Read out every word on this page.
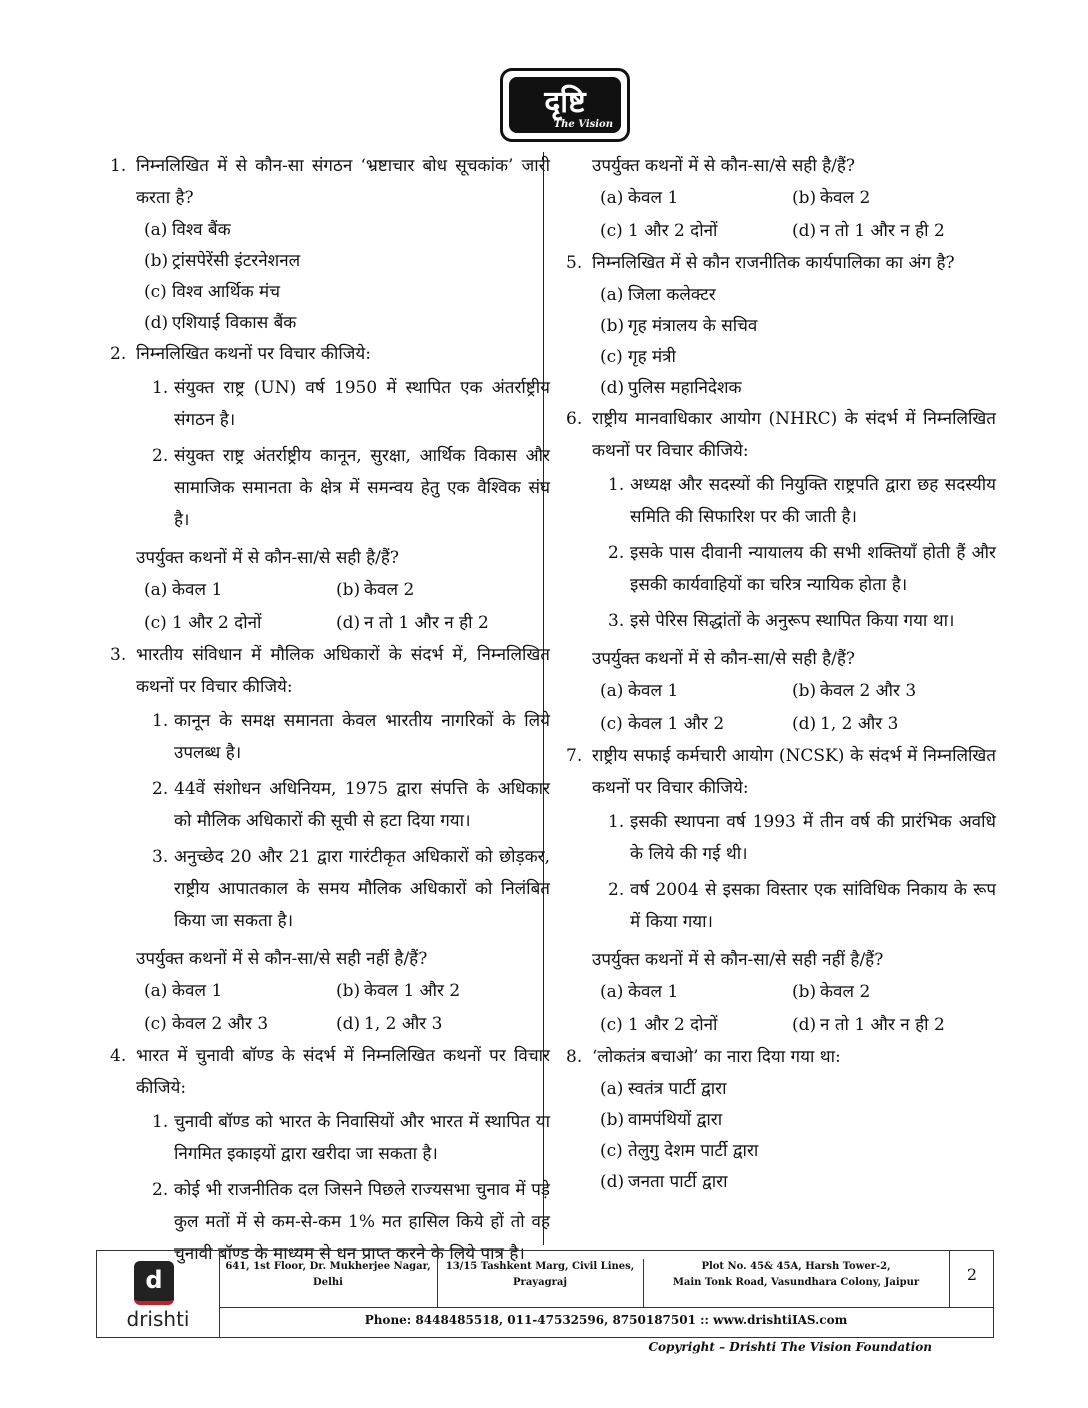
दृष्टि
The Vision
1. निम्नलिखित में से कौन-सा संगठन ‘भ्रष्टाचार बोध सूचकांक’ जारी करता है?
(a) विश्व बैंक
(b) ट्रांसपेरेंसी इंटरनेशनल
(c) विश्व आर्थिक मंच
(d) एशियाई विकास बैंक
2. निम्नलिखित कथनों पर विचार कीजिये:
1. संयुक्त राष्ट्र (UN) वर्ष 1950 में स्थापित एक अंतर्राष्ट्रीय संगठन है।
2. संयुक्त राष्ट्र अंतर्राष्ट्रीय कानून, सुरक्षा, आर्थिक विकास और सामाजिक समानता के क्षेत्र में समन्वय हेतु एक वैश्विक संघ है।
उपर्युक्त कथनों में से कौन-सा/से सही है/हैं?
(a) केवल 1	(b) केवल 2
(c) 1 और 2 दोनों	(d) न तो 1 और न ही 2
3. भारतीय संविधान में मौलिक अधिकारों के संदर्भ में, निम्नलिखित कथनों पर विचार कीजिये:
1. कानून के समक्ष समानता केवल भारतीय नागरिकों के लिये उपलब्ध है।
2. 44वें संशोधन अधिनियम, 1975 द्वारा संपत्ति के अधिकार को मौलिक अधिकारों की सूची से हटा दिया गया।
3. अनुच्छेद 20 और 21 द्वारा गारंटीकृत अधिकारों को छोड़कर, राष्ट्रीय आपातकाल के समय मौलिक अधिकारों को निलंबित किया जा सकता है।
उपर्युक्त कथनों में से कौन-सा/से सही नहीं है/हैं?
(a) केवल 1	(b) केवल 1 और 2
(c) केवल 2 और 3	(d) 1, 2 और 3
4. भारत में चुनावी बॉण्ड के संदर्भ में निम्नलिखित कथनों पर विचार कीजिये:
1. चुनावी बॉण्ड को भारत के निवासियों और भारत में स्थापित या निगमित इकाइयों द्वारा खरीदा जा सकता है।
2. कोई भी राजनीतिक दल जिसने पिछले राज्यसभा चुनाव में पड़े कुल मतों में से कम-से-कम 1% मत हासिल किये हों तो वह चुनावी बॉण्ड के माध्यम से धन प्राप्त करने के लिये पात्र है।
उपर्युक्त कथनों में से कौन-सा/से सही है/हैं?
(a) केवल 1	(b) केवल 2
(c) 1 और 2 दोनों	(d) न तो 1 और न ही 2
5. निम्नलिखित में से कौन राजनीतिक कार्यपालिका का अंग है?
(a) जिला कलेक्टर
(b) गृह मंत्रालय के सचिव
(c) गृह मंत्री
(d) पुलिस महानिदेशक
6. राष्ट्रीय मानवाधिकार आयोग (NHRC) के संदर्भ में निम्नलिखित कथनों पर विचार कीजिये:
1. अध्यक्ष और सदस्यों की नियुक्ति राष्ट्रपति द्वारा छह सदस्यीय समिति की सिफारिश पर की जाती है।
2. इसके पास दीवानी न्यायालय की सभी शक्तियाँ होती हैं और इसकी कार्यवाहियों का चरित्र न्यायिक होता है।
3. इसे पेरिस सिद्धांतों के अनुरूप स्थापित किया गया था।
उपर्युक्त कथनों में से कौन-सा/से सही है/हैं?
(a) केवल 1	(b) केवल 2 और 3
(c) केवल 1 और 2	(d) 1, 2 और 3
7. राष्ट्रीय सफाई कर्मचारी आयोग (NCSK) के संदर्भ में निम्नलिखित कथनों पर विचार कीजिये:
1. इसकी स्थापना वर्ष 1993 में तीन वर्ष की प्रारंभिक अवधि के लिये की गई थी।
2. वर्ष 2004 से इसका विस्तार एक सांविधिक निकाय के रूप में किया गया।
उपर्युक्त कथनों में से कौन-सा/से सही नहीं है/हैं?
(a) केवल 1	(b) केवल 2
(c) 1 और 2 दोनों	(d) न तो 1 और न ही 2
8. ‘लोकतंत्र बचाओ’ का नारा दिया गया था:
(a) स्वतंत्र पार्टी द्वारा
(b) वामपंथियों द्वारा
(c) तेलुगु देशम पार्टी द्वारा
(d) जनता पार्टी द्वारा
d
drishti
641, 1st Floor, Dr. Mukherjee Nagar,
Delhi
13/15 Tashkent Marg, Civil Lines,
Prayagraj
Plot No. 45& 45A, Harsh Tower-2,
Main Tonk Road, Vasundhara Colony, Jaipur	2
Phone: 8448485518, 011-47532596, 8750187501 :: www.drishtiIAS.com
Copyright – Drishti The Vision Foundation
